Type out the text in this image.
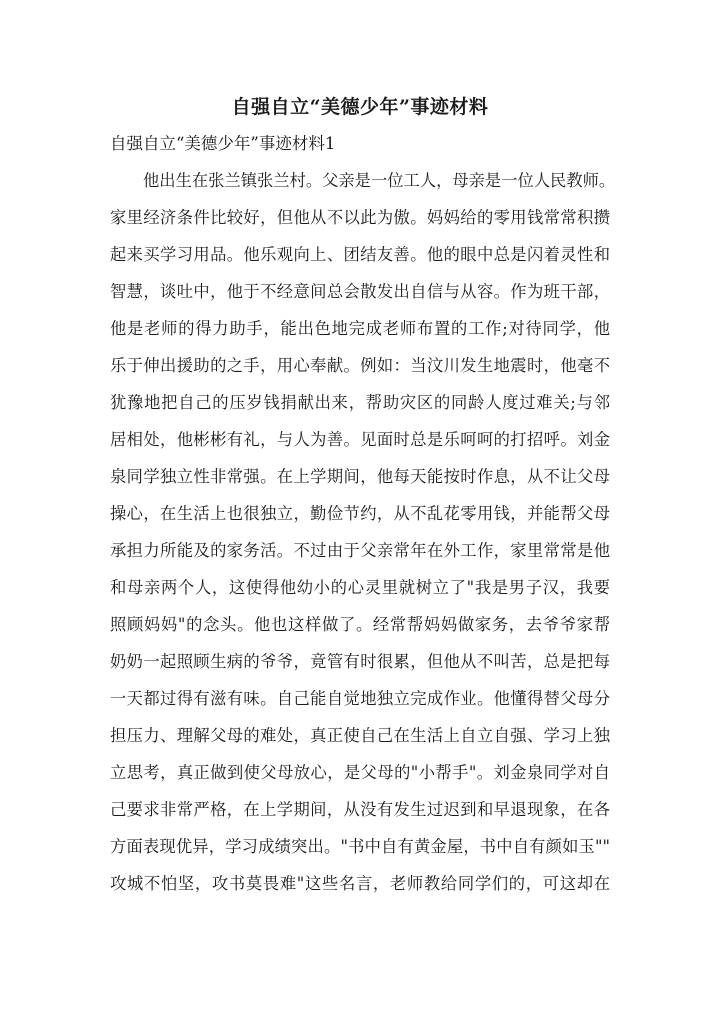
自强自立“美德少年”事迹材料
自强自立“美德少年”事迹材料1
他出生在张兰镇张兰村。父亲是一位工人，母亲是一位人民教师。
家里经济条件比较好，但他从不以此为傲。妈妈给的零用钱常常积攒
起来买学习用品。他乐观向上、团结友善。他的眼中总是闪着灵性和
智慧，谈吐中，他于不经意间总会散发出自信与从容。作为班干部，
他是老师的得力助手，能出色地完成老师布置的工作;对待同学，他
乐于伸出援助的之手，用心奉献。例如：当汶川发生地震时，他毫不
犹豫地把自己的压岁钱捐献出来，帮助灾区的同龄人度过难关;与邻
居相处，他彬彬有礼，与人为善。见面时总是乐呵呵的打招呼。刘金
泉同学独立性非常强。在上学期间，他每天能按时作息，从不让父母
操心，在生活上也很独立，勤俭节约，从不乱花零用钱，并能帮父母
承担力所能及的家务活。不过由于父亲常年在外工作，家里常常是他
和母亲两个人，这使得他幼小的心灵里就树立了"我是男子汉，我要
照顾妈妈"的念头。他也这样做了。经常帮妈妈做家务，去爷爷家帮
奶奶一起照顾生病的爷爷，竟管有时很累，但他从不叫苦，总是把每
一天都过得有滋有味。自己能自觉地独立完成作业。他懂得替父母分
担压力、理解父母的难处，真正使自己在生活上自立自强、学习上独
立思考，真正做到使父母放心，是父母的"小帮手"。刘金泉同学对自
己要求非常严格，在上学期间，从没有发生过迟到和早退现象，在各
方面表现优异，学习成绩突出。"书中自有黄金屋，书中自有颜如玉""
攻城不怕坚，攻书莫畏难"这些名言，老师教给同学们的，可这却在
